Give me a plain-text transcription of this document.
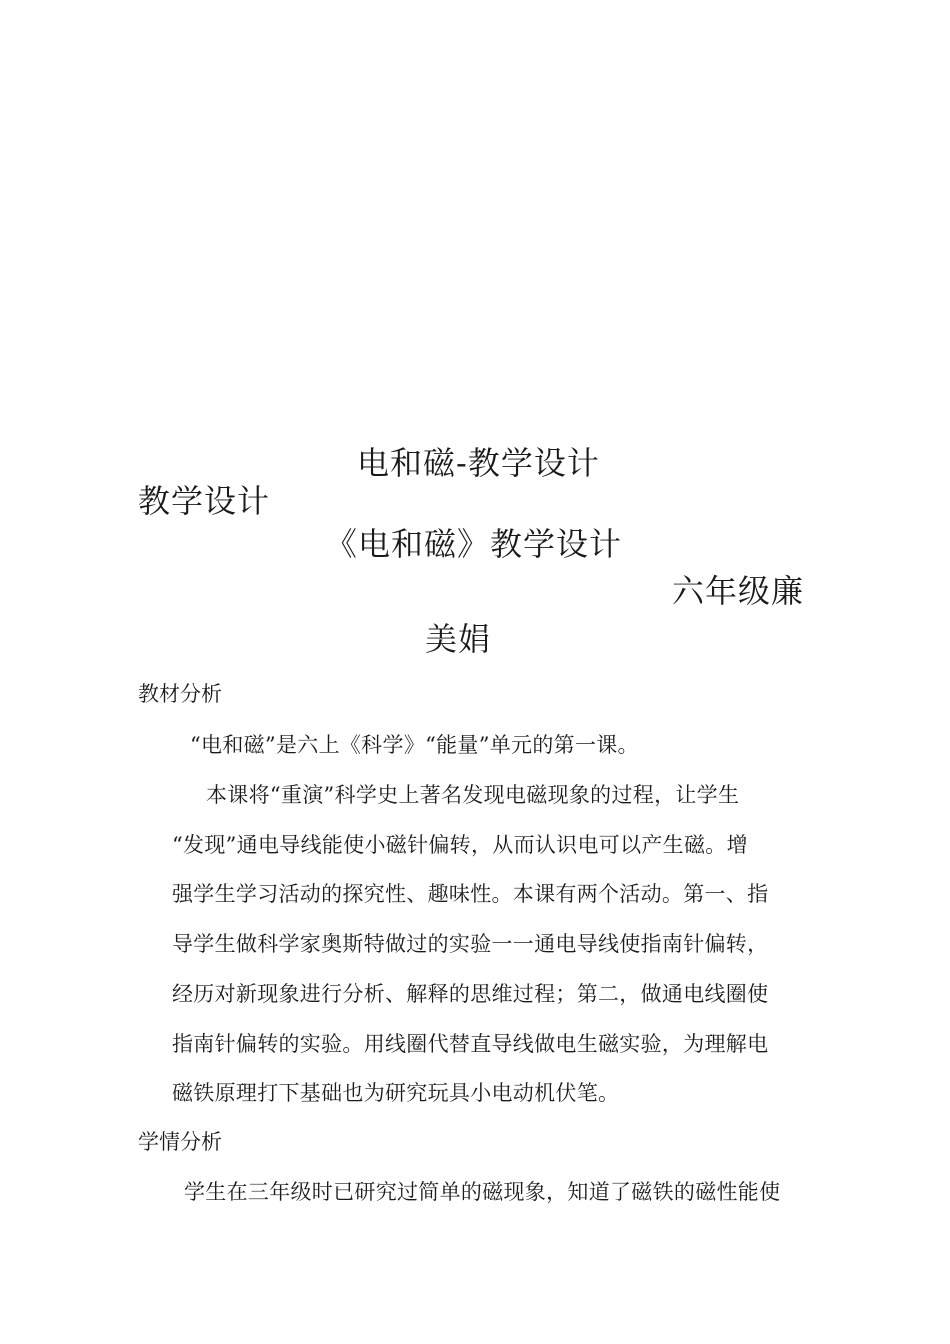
电和磁-教学设计
教学设计
《电和磁》教学设计
六年级廉
美娟
教材分析
“电和磁”是六上《科学》“能量”单元的第一课。
本课将“重演”科学史上著名发现电磁现象的过程，让学生
“发现”通电导线能使小磁针偏转，从而认识电可以产生磁。增
强学生学习活动的探究性、趣味性。本课有两个活动。第一、指
导学生做科学家奥斯特做过的实验一一通电导线使指南针偏转，
经历对新现象进行分析、解释的思维过程；第二，做通电线圈使
指南针偏转的实验。用线圈代替直导线做电生磁实验，为理解电
磁铁原理打下基础也为研究玩具小电动机伏笔。
学情分析
学生在三年级时已研究过简单的磁现象，知道了磁铁的磁性能使
